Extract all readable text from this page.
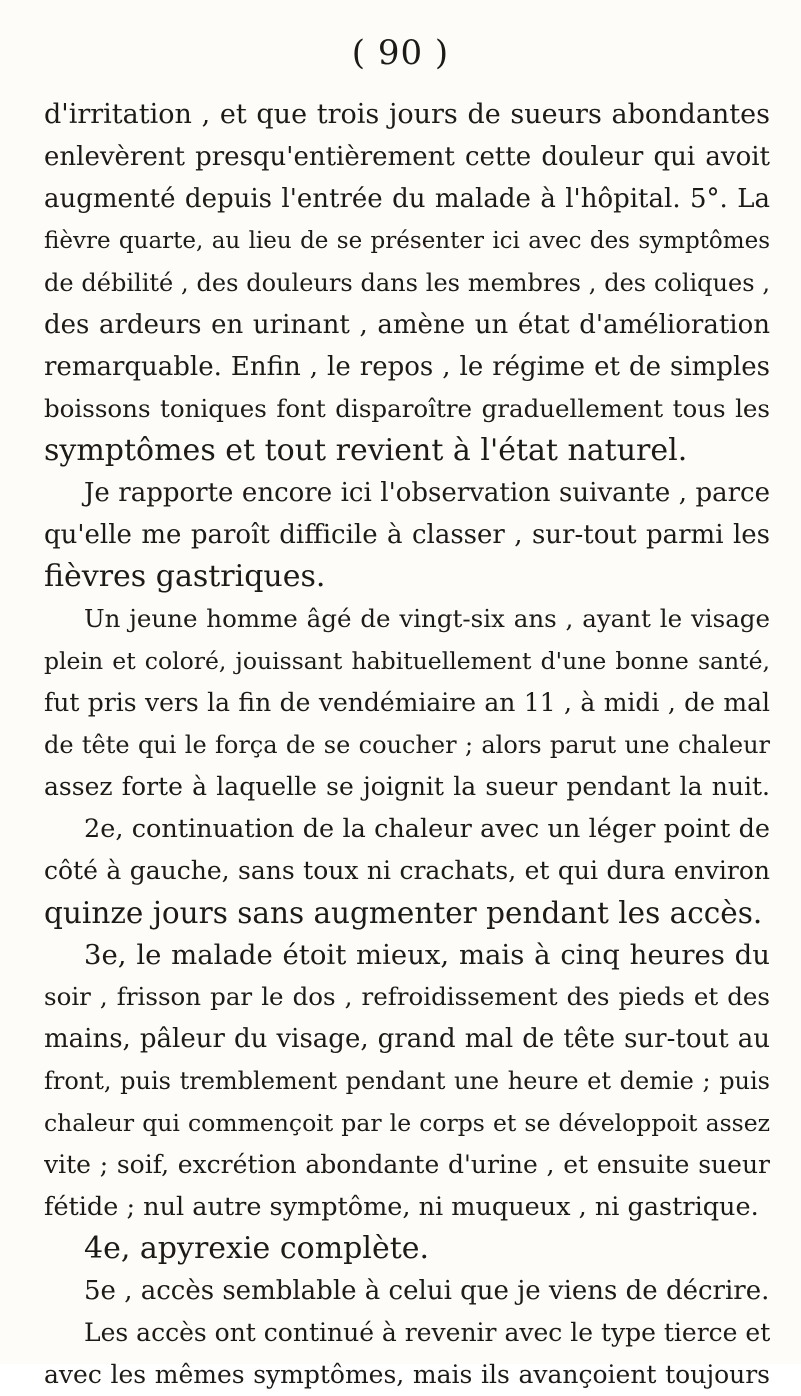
( 90 )

d'irritation , et que trois jours de sueurs abondantes

enlevèrent presqu'entièrement cette douleur qui avoit

augmenté depuis l'entrée du malade à l'hôpital. 5°. La

fièvre quarte, au lieu de se présenter ici avec des symptômes

de débilité , des douleurs dans les membres , des coliques ,

des ardeurs en urinant , amène un état d'amélioration

remarquable. Enfin , le repos , le régime et de simples

boissons toniques font disparoître graduellement tous les

symptômes et tout revient à l'état naturel.

Je rapporte encore ici l'observation suivante , parce

qu'elle me paroît difficile à classer , sur-tout parmi les

fièvres gastriques.

Un jeune homme âgé de vingt-six ans , ayant le visage

plein et coloré, jouissant habituellement d'une bonne santé,

fut pris vers la fin de vendémiaire an 11 , à midi , de mal

de tête qui le força de se coucher ; alors parut une chaleur

assez forte à laquelle se joignit la sueur pendant la nuit.

2e, continuation de la chaleur avec un léger point de

côté à gauche, sans toux ni crachats, et qui dura environ

quinze jours sans augmenter pendant les accès.

3e, le malade étoit mieux, mais à cinq heures du

soir , frisson par le dos , refroidissement des pieds et des

mains, pâleur du visage, grand mal de tête sur-tout au

front, puis tremblement pendant une heure et demie ; puis

chaleur qui commençoit par le corps et se développoit assez

vite ; soif, excrétion abondante d'urine , et ensuite sueur

fétide ; nul autre symptôme, ni muqueux , ni gastrique.

4e, apyrexie complète.

5e , accès semblable à celui que je viens de décrire.

Les accès ont continué à revenir avec le type tierce et

avec les mêmes symptômes, mais ils avançoient toujours
